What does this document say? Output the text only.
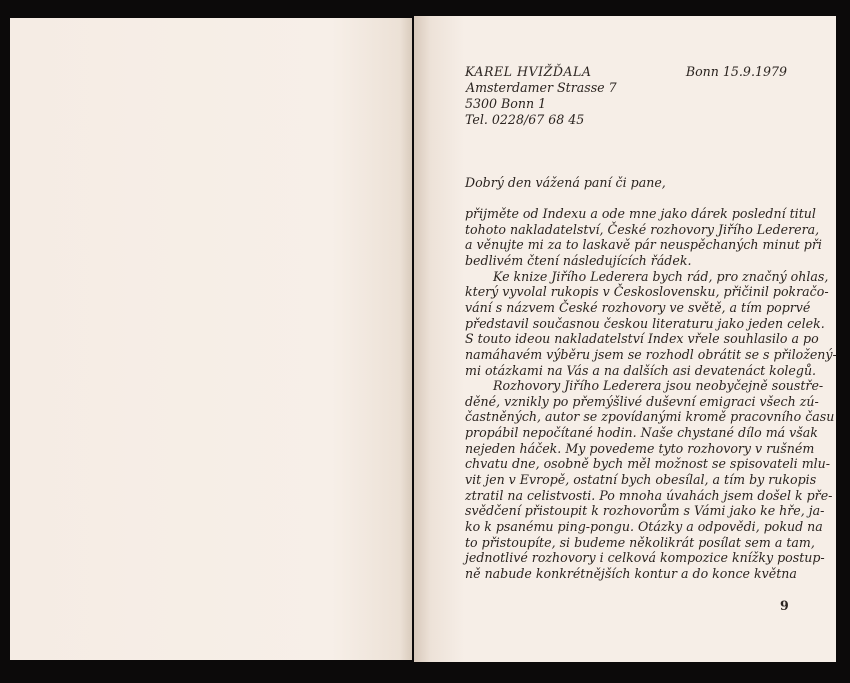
KAREL HVIŽĎALA
Amsterdamer Strasse 7
5300 Bonn 1
Tel. 0228/67 68 45
Bonn 15.9.1979
Dobrý den vážená paní či pane,
přijměte od Indexu a ode mne jako dárek poslední titul
tohoto nakladatelství, České rozhovory Jiřího Lederera,
a věnujte mi za to laskavě pár neuspěchaných minut při
bedlivém čtení následujících řádek.
Ke knize Jiřího Lederera bych rád, pro značný ohlas,
který vyvolal rukopis v Československu, přičinil pokračo-
vání s názvem České rozhovory ve světě, a tím poprvé
představil současnou českou literaturu jako jeden celek.
S touto ideou nakladatelství Index vřele souhlasilo a po
namáhavém výběru jsem se rozhodl obrátit se s přiložený-
mi otázkami na Vás a na dalších asi devatenáct kolegů.
Rozhovory Jiřího Lederera jsou neobyčejně soustře-
děné, vznikly po přemýšlivé duševní emigraci všech zú-
častněných, autor se zpovídanými kromě pracovního času
propábil nepočítané hodin. Naše chystané dílo má však
nejeden háček. My povedeme tyto rozhovory v rušném
chvatu dne, osobně bych měl možnost se spisovateli mlu-
vit jen v Evropě, ostatní bych obesílal, a tím by rukopis
ztratil na celistvosti. Po mnoha úvahách jsem došel k pře-
svědčení přistoupit k rozhovorům s Vámi jako ke hře, ja-
ko k psanému ping-pongu. Otázky a odpovědi, pokud na
to přistoupíte, si budeme několikrát posílat sem a tam,
jednotlivé rozhovory i celková kompozice knížky postup-
ně nabude konkrétnějších kontur a do konce května
9
